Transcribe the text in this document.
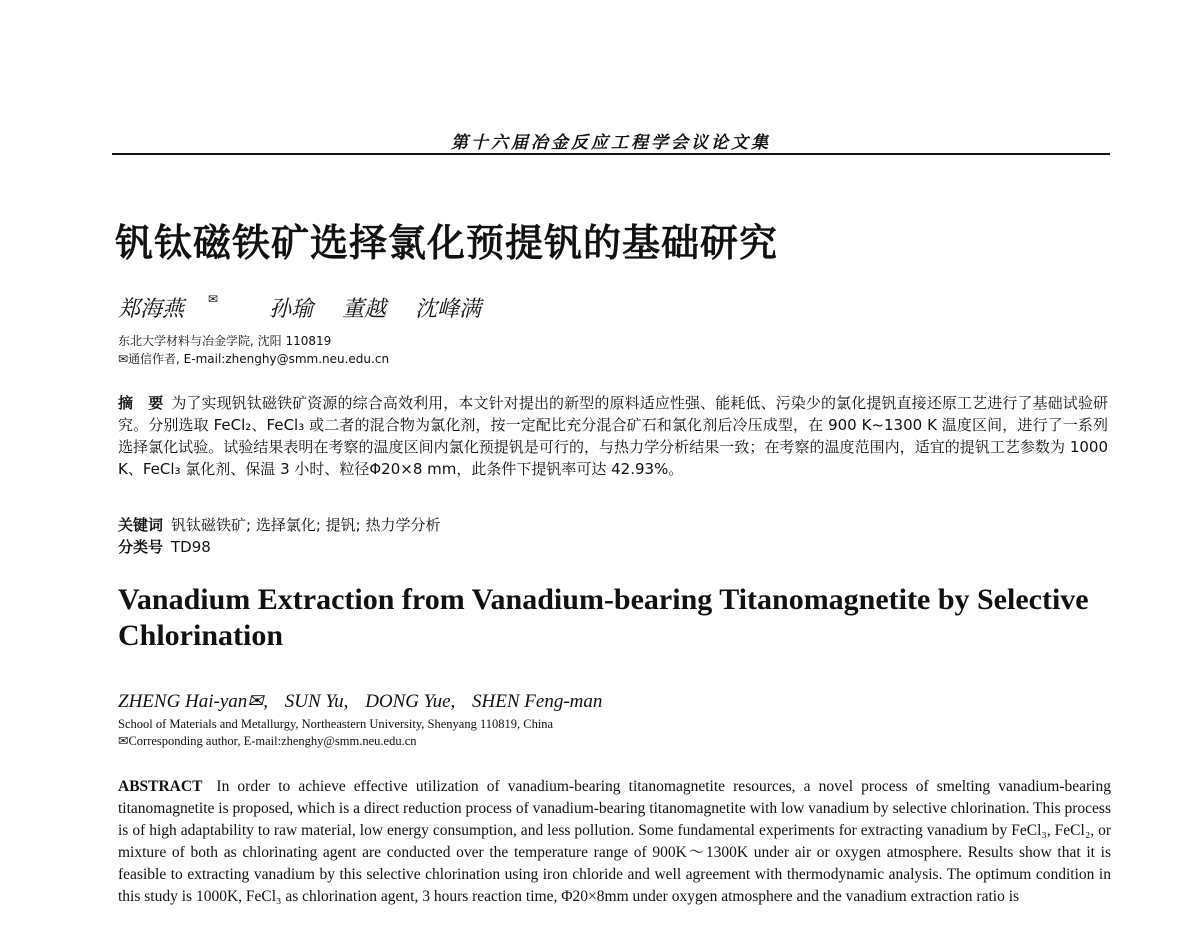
第十六届冶金反应工程学会议论文集
钒钛磁铁矿选择氯化预提钒的基础研究
郑海燕 ✉ 孙瑜 董越 沈峰满
东北大学材料与冶金学院, 沈阳 110819
✉通信作者, E-mail:zhenghy@smm.neu.edu.cn
摘　要 为了实现钒钛磁铁矿资源的综合高效利用，本文针对提出的新型的原料适应性强、能耗低、污染少的氯化提钒直接还原工艺进行了基础试验研究。分别选取 FeCl₂、FeCl₃ 或二者的混合物为氯化剂，按一定配比充分混合矿石和氯化剂后冷压成型，在 900 K~1300 K 温度区间，进行了一系列选择氯化试验。试验结果表明在考察的温度区间内氯化预提钒是可行的，与热力学分析结果一致；在考察的温度范围内，适宜的提钒工艺参数为 1000 K、FeCl₃ 氯化剂、保温 3 小时、粒径Φ20×8 mm，此条件下提钒率可达 42.93%。
关键词 钒钛磁铁矿; 选择氯化; 提钒; 热力学分析
分类号 TD98
Vanadium Extraction from Vanadium-bearing Titanomagnetite by Selective Chlorination
ZHENG Hai-yan✉, SUN Yu, DONG Yue, SHEN Feng-man
School of Materials and Metallurgy, Northeastern University, Shenyang 110819, China
✉Corresponding author, E-mail:zhenghy@smm.neu.edu.cn
ABSTRACT In order to achieve effective utilization of vanadium-bearing titanomagnetite resources, a novel process of smelting vanadium-bearing titanomagnetite is proposed, which is a direct reduction process of vanadium-bearing titanomagnetite with low vanadium by selective chlorination. This process is of high adaptability to raw material, low energy consumption, and less pollution. Some fundamental experiments for extracting vanadium by FeCl₃, FeCl₂, or mixture of both as chlorinating agent are conducted over the temperature range of 900K～1300K under air or oxygen atmosphere. Results show that it is feasible to extracting vanadium by this selective chlorination using iron chloride and well agreement with thermodynamic analysis. The optimum condition in this study is 1000K, FeCl₃ as chlorination agent, 3 hours reaction time, Φ20×8mm under oxygen atmosphere and the vanadium extraction ratio is
